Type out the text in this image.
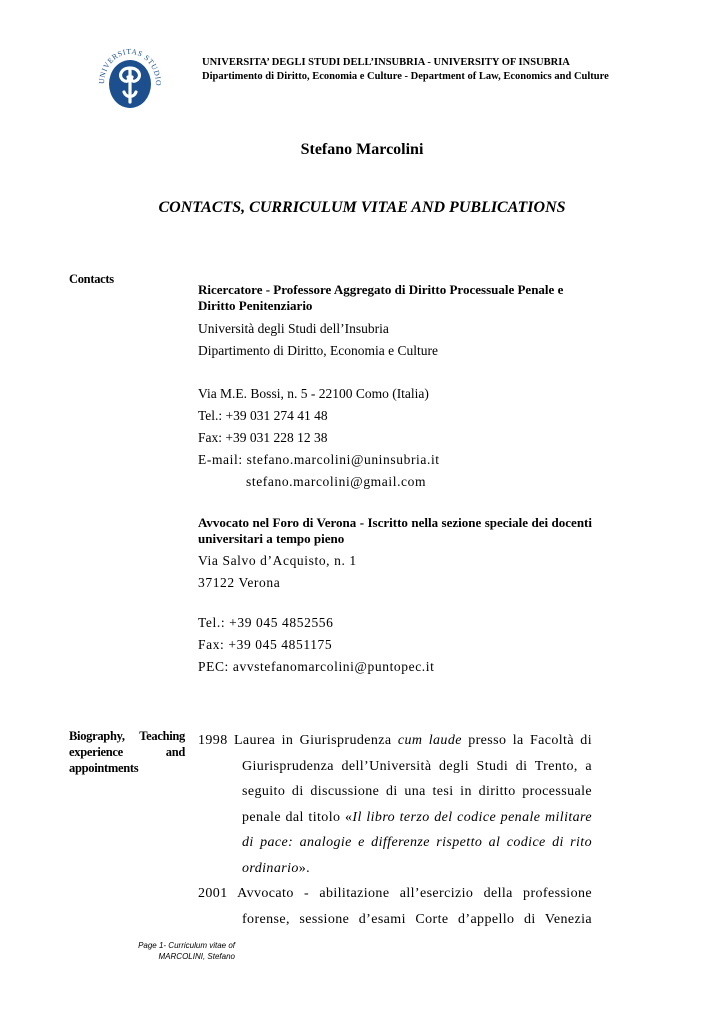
UNIVERSITAS STUDIO
UNIVERSITA’ DEGLI STUDI DELL’INSUBRIA - UNIVERSITY OF INSUBRIA
Dipartimento di Diritto, Economia e Culture - Department of Law, Economics and Culture
Stefano Marcolini
CONTACTS, CURRICULUM VITAE AND PUBLICATIONS
Contacts

Ricercatore - Professore Aggregato di Diritto Processuale Penale e Diritto Penitenziario

Università degli Studi dell’Insubria

Dipartimento di Diritto, Economia e Culture

Via M.E. Bossi, n. 5 - 22100 Como (Italia)

Tel.: +39 031 274 41 48

Fax: +39 031 228 12 38

E-mail: stefano.marcolini@uninsubria.it

stefano.marcolini@gmail.com

Avvocato nel Foro di Verona - Iscritto nella sezione speciale dei docenti universitari a tempo pieno

Via Salvo d’Acquisto, n. 1

37122 Verona

Tel.: +39 045 4852556

Fax: +39 045 4851175

PEC: avvstefanomarcolini@puntopec.it

Biography, Teaching experience and appointments

1998 Laurea in Giurisprudenza cum laude presso la Facoltà di Giurisprudenza dell’Università degli Studi di Trento, a seguito di discussione di una tesi in diritto processuale penale dal titolo «Il libro terzo del codice penale militare di pace: analogie e differenze rispetto al codice di rito ordinario».

2001 Avvocato - abilitazione all’esercizio della professione forense, sessione d’esami Corte d’appello di Venezia

Page 1- Curriculum vitae of
MARCOLINI, Stefano
